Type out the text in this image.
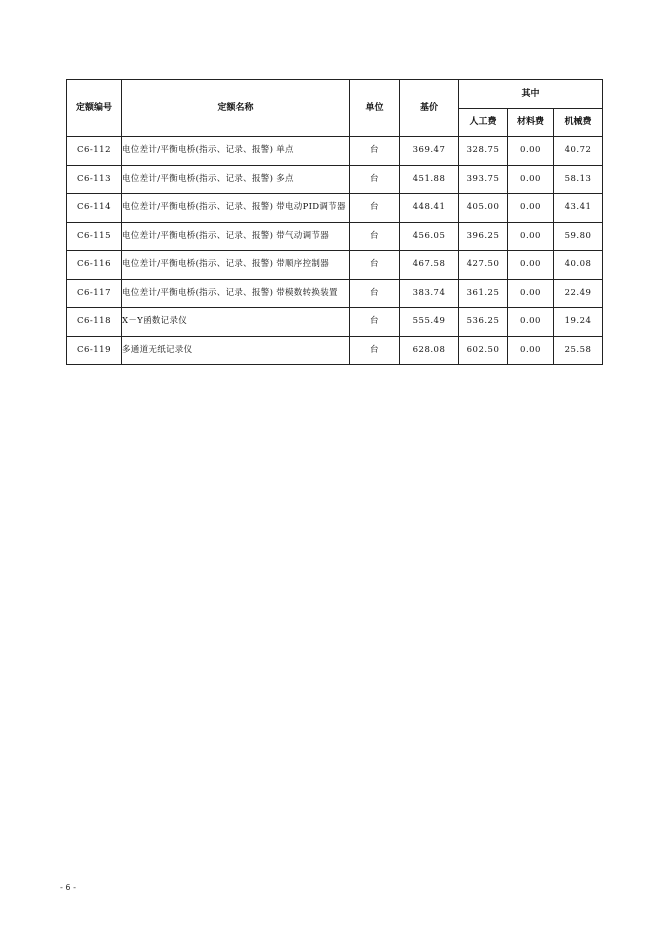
定额编号	定额名称	单位	基价	其中		
				人工费	材料费	机械费
C6-112	电位差计/平衡电桥(指示、记录、报警) 单点	台	369.47	328.75	0.00	40.72
C6-113	电位差计/平衡电桥(指示、记录、报警) 多点	台	451.88	393.75	0.00	58.13
C6-114	电位差计/平衡电桥(指示、记录、报警) 带电动PID调节器	台	448.41	405.00	0.00	43.41
C6-115	电位差计/平衡电桥(指示、记录、报警) 带气动调节器	台	456.05	396.25	0.00	59.80
C6-116	电位差计/平衡电桥(指示、记录、报警) 带顺序控制器	台	467.58	427.50	0.00	40.08
C6-117	电位差计/平衡电桥(指示、记录、报警) 带模数转换装置	台	383.74	361.25	0.00	22.49
C6-118	X－Y函数记录仪	台	555.49	536.25	0.00	19.24
C6-119	多通道无纸记录仪	台	628.08	602.50	0.00	25.58
- 6 -
